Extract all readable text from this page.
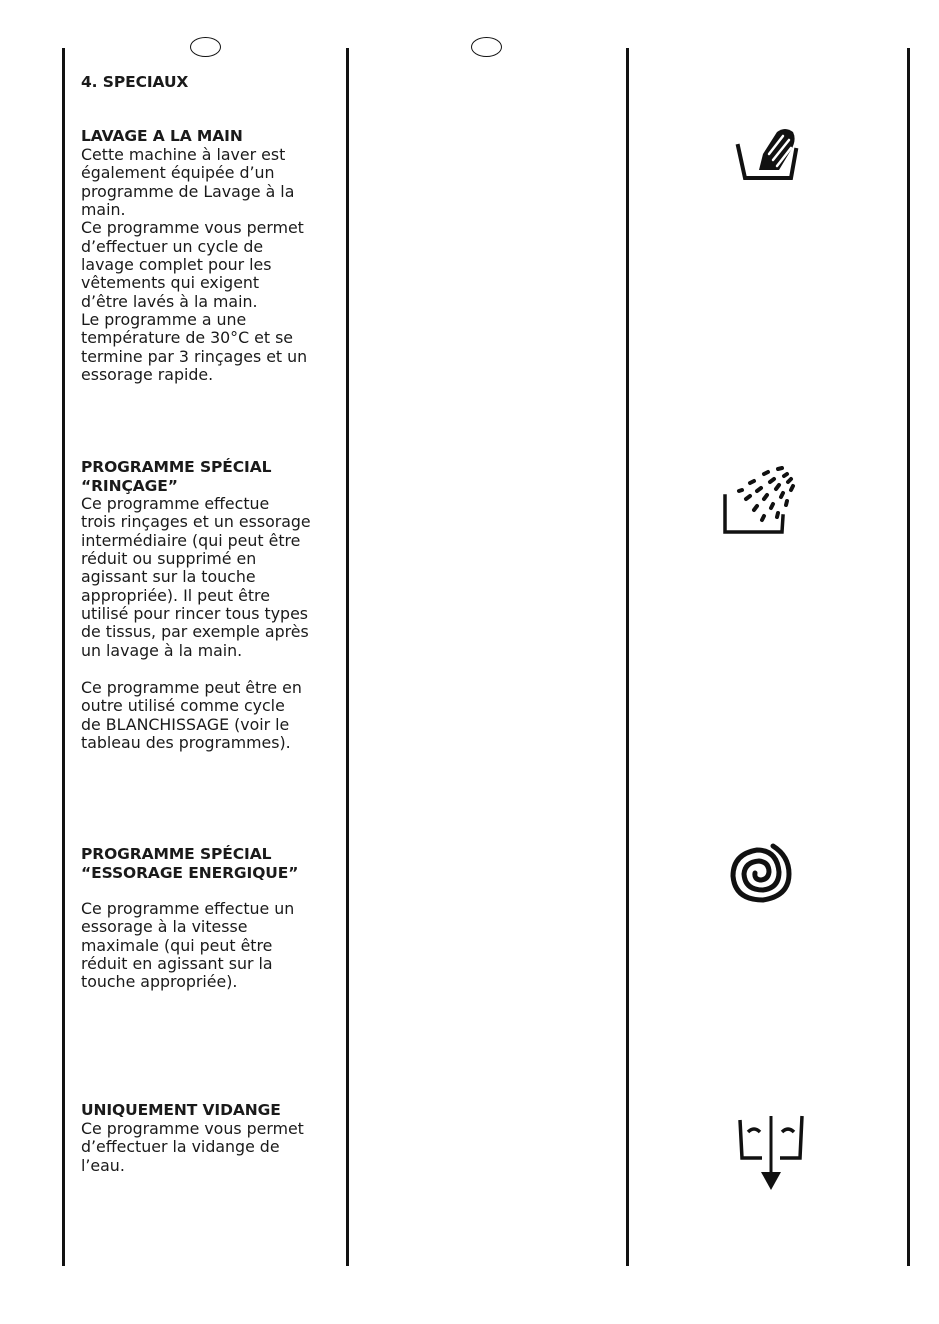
4. SPECIAUX
LAVAGE A LA MAIN
Cette machine à laver est
également équipée d’un
programme de Lavage à la
main.
Ce programme vous permet
d’effectuer un cycle de
lavage complet pour les
vêtements qui exigent
d’être lavés à la main.
Le programme a une
température de 30°C et se
termine par 3 rinçages et un
essorage rapide.
PROGRAMME SPÉCIAL
“RINÇAGE”
Ce programme effectue
trois rinçages et un essorage
intermédiaire (qui peut être
réduit ou supprimé en
agissant sur la touche
appropriée). Il peut être
utilisé pour rincer tous types
de tissus, par exemple après
un lavage à la main.
Ce programme peut être en
outre utilisé comme cycle
de BLANCHISSAGE (voir le
tableau des programmes).
PROGRAMME SPÉCIAL
“ESSORAGE ENERGIQUE”
Ce programme effectue un
essorage à la vitesse
maximale (qui peut être
réduit en agissant sur la
touche appropriée).
UNIQUEMENT VIDANGE
Ce programme vous permet
d’effectuer la vidange de
l’eau.
